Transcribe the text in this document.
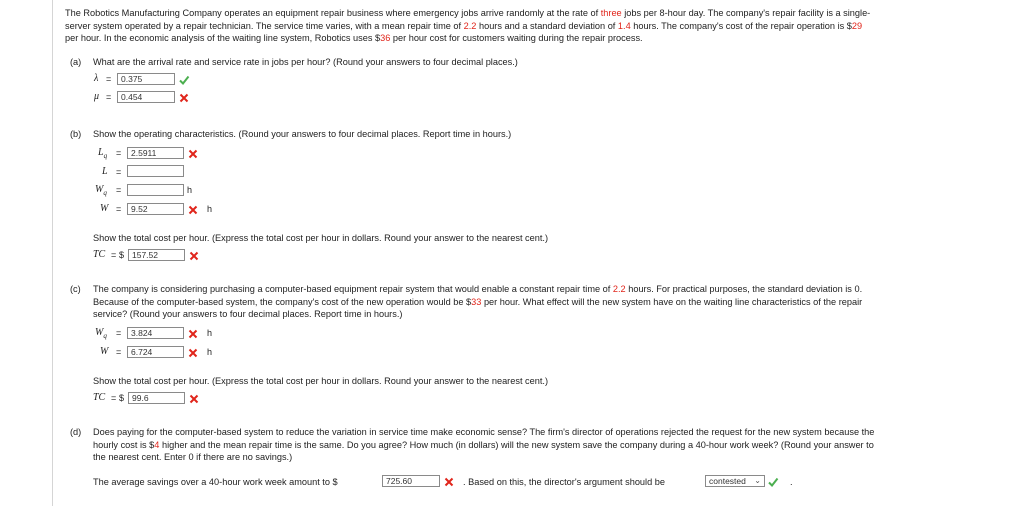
The Robotics Manufacturing Company operates an equipment repair business where emergency jobs arrive randomly at the rate of three jobs per 8-hour day. The company's repair facility is a single-
server system operated by a repair technician. The service time varies, with a mean repair time of 2.2 hours and a standard deviation of 1.4 hours. The company's cost of the repair operation is $29
per hour. In the economic analysis of the waiting line system, Robotics uses $36 per hour cost for customers waiting during the repair process.
(a) What are the arrival rate and service rate in jobs per hour? (Round your answers to four decimal places.)
λ =
0.375
μ =
0.454
(b) Show the operating characteristics. (Round your answers to four decimal places. Report time in hours.)
$L_q$ =
2.5911
L =
$W_q$ =	h
W =
9.52	h
Show the total cost per hour. (Express the total cost per hour in dollars. Round your answer to the nearest cent.)
TC = $
157.52
(c) The company is considering purchasing a computer-based equipment repair system that would enable a constant repair time of 2.2 hours. For practical purposes, the standard deviation is 0.
Because of the computer-based system, the company's cost of the new operation would be $33 per hour. What effect will the new system have on the waiting line characteristics of the repair
service? (Round your answers to four decimal places. Report time in hours.)
$W_q$ =
3.824	h
W =
6.724	h
Show the total cost per hour. (Express the total cost per hour in dollars. Round your answer to the nearest cent.)
TC = $
99.6
(d) Does paying for the computer-based system to reduce the variation in service time make economic sense? The firm's director of operations rejected the request for the new system because the
hourly cost is $4 higher and the mean repair time is the same. Do you agree? How much (in dollars) will the new system save the company during a 40-hour work week? (Round your answer to
the nearest cent. Enter 0 if there are no savings.)
The average savings over a 40-hour work week amount to $
725.60	. Based on this, the director's argument should be	contested ⌄	.
